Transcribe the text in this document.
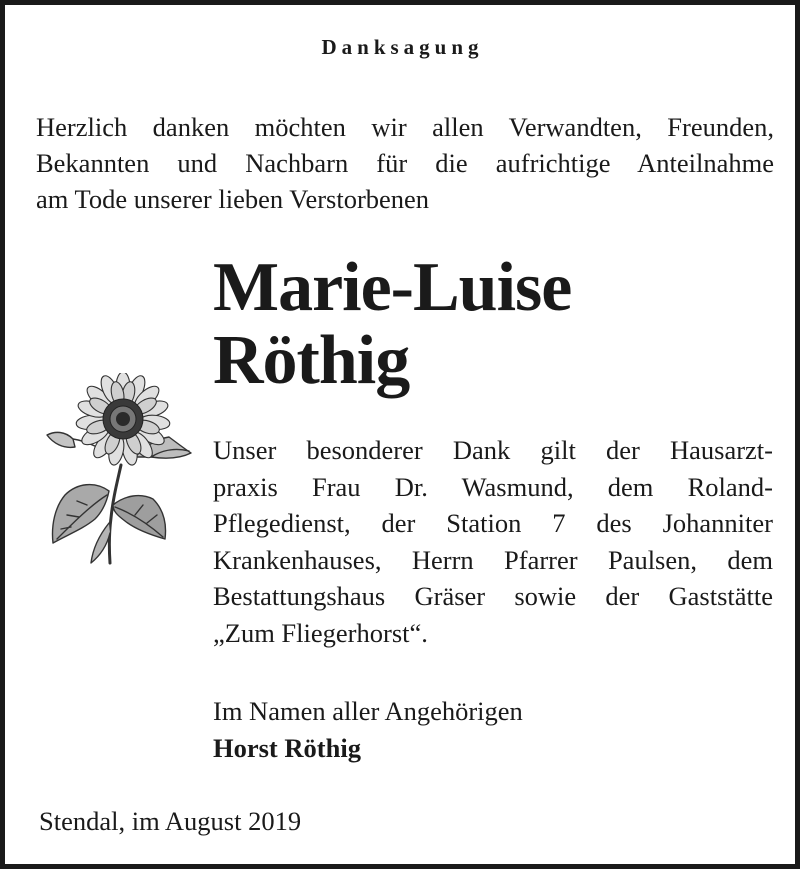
Danksagung
Herzlich danken möchten wir allen Verwandten, Freunden,
Bekannten und Nachbarn für die aufrichtige Anteilnahme
am Tode unserer lieben Verstorbenen
Marie-Luise
Röthig
Unser besonderer Dank gilt der Hausarzt-
praxis Frau Dr. Wasmund, dem Roland-
Pflegedienst, der Station 7 des Johanniter
Krankenhauses, Herrn Pfarrer Paulsen, dem
Bestattungshaus Gräser sowie der Gaststätte
„Zum Fliegerhorst“.
Im Namen aller Angehörigen
Horst Röthig
Stendal, im August 2019
